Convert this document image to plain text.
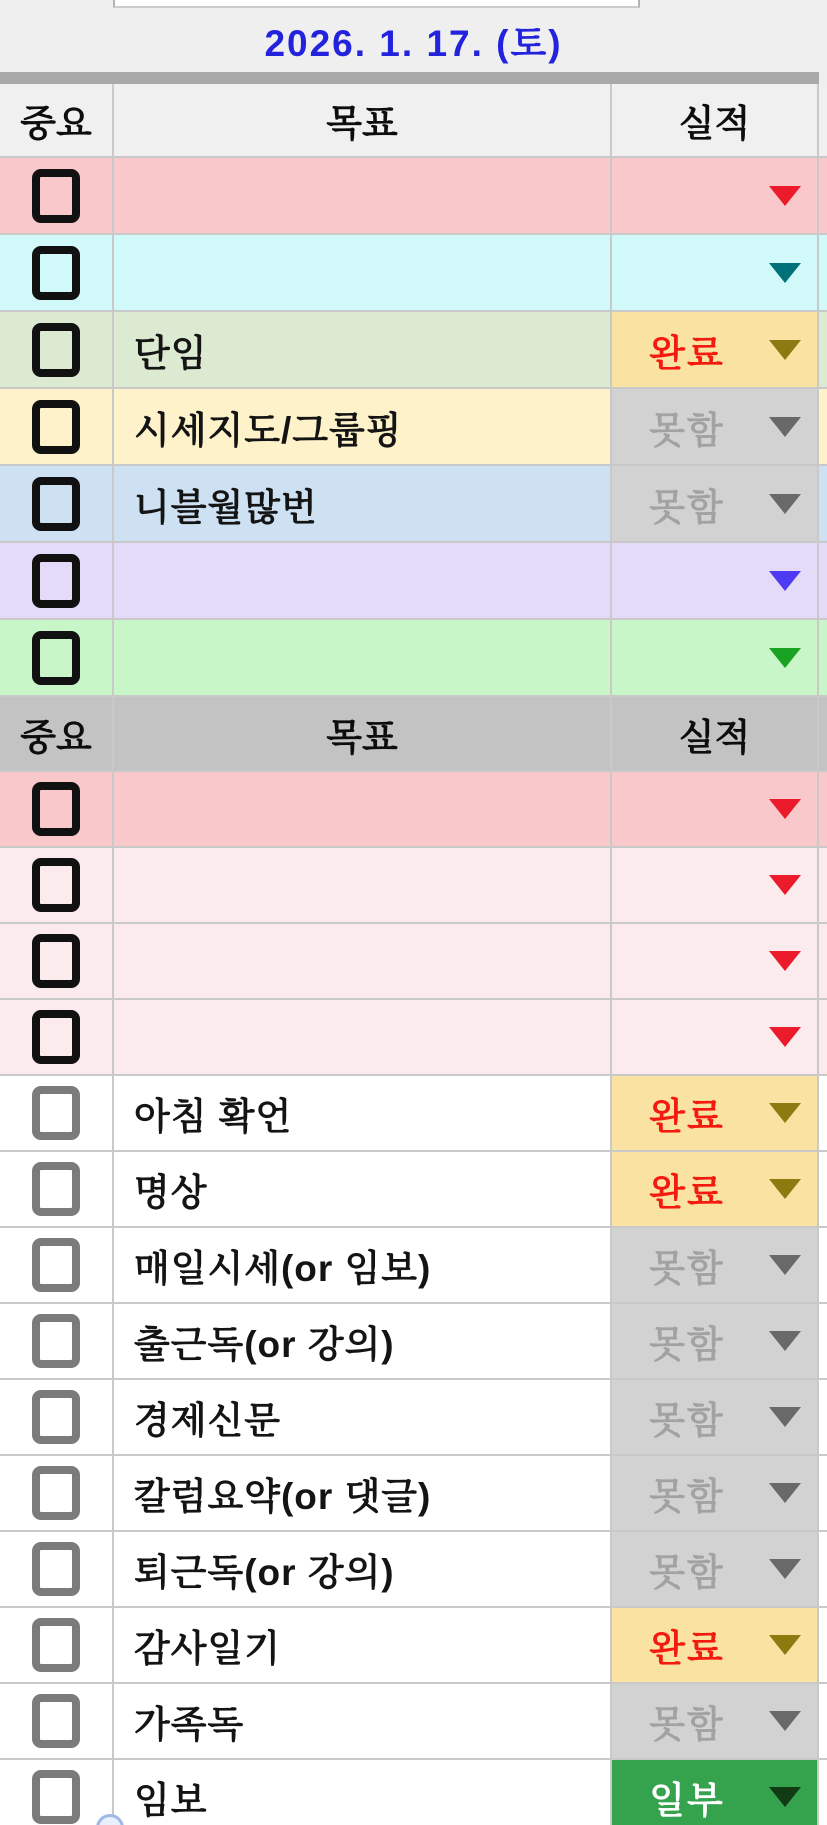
2026. 1. 17. (토)
중요	목표	실적
단임	완료
시세지도/그룹핑	못함
니블월많번	못함
중요	목표	실적
아침 확언	완료
명상	완료
매일시세(or 임보)	못함
출근독(or 강의)	못함
경제신문	못함
칼럼요약(or 댓글)	못함
퇴근독(or 강의)	못함
감사일기	완료
가족독	못함
임보	일부
